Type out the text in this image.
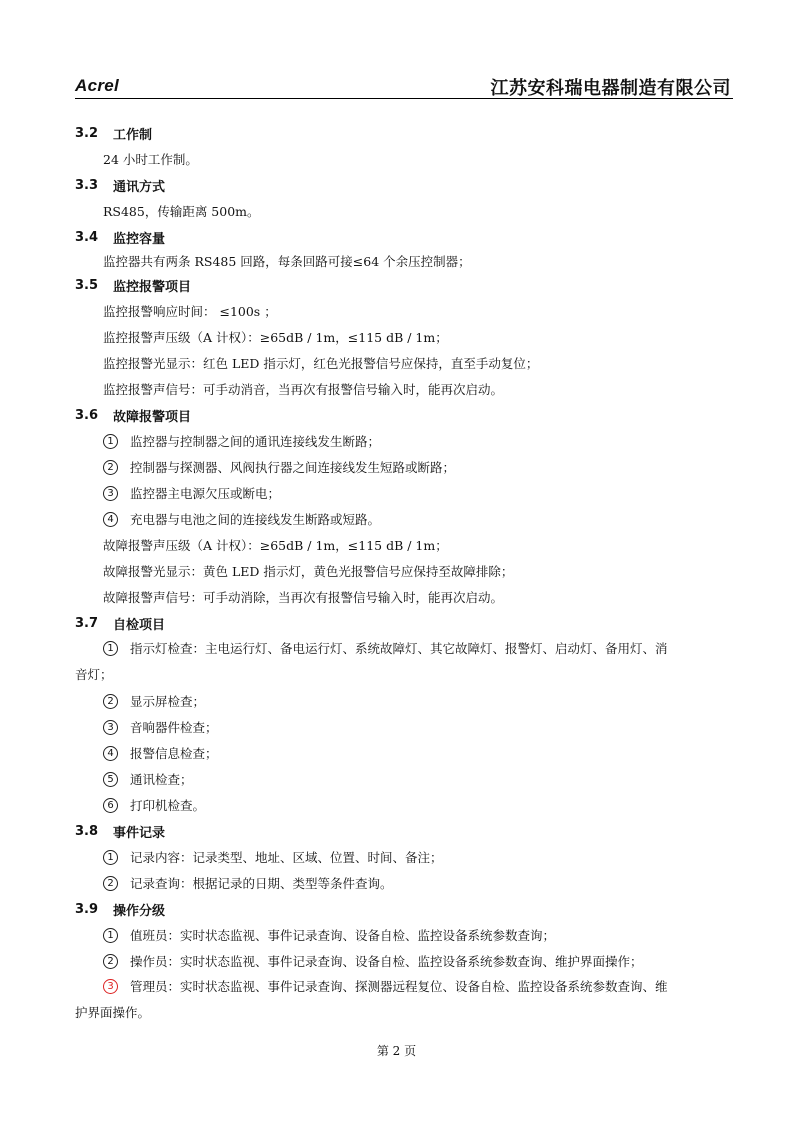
Acrel	江苏安科瑞电器制造有限公司
3.2	工作制
24 小时工作制。
3.3	通讯方式
RS485，传输距离 500m。
3.4	监控容量
监控器共有两条 RS485 回路，每条回路可接≤64 个余压控制器；
3.5	监控报警项目
监控报警响应时间： ≤100s ；
监控报警声压级（A 计权）：≥65dB / 1m，≤115 dB / 1m；
监控报警光显示：红色 LED 指示灯，红色光报警信号应保持，直至手动复位；
监控报警声信号：可手动消音，当再次有报警信号输入时，能再次启动。
3.6	故障报警项目
1	监控器与控制器之间的通讯连接线发生断路；
2	控制器与探测器、风阀执行器之间连接线发生短路或断路；
3	监控器主电源欠压或断电；
4	充电器与电池之间的连接线发生断路或短路。
故障报警声压级（A 计权）：≥65dB / 1m，≤115 dB / 1m；
故障报警光显示：黄色 LED 指示灯，黄色光报警信号应保持至故障排除；
故障报警声信号：可手动消除，当再次有报警信号输入时，能再次启动。
3.7	自检项目
1 指示灯检查：主电运行灯、备电运行灯、系统故障灯、其它故障灯、报警灯、启动灯、备用灯、消
音灯；
2	显示屏检查；
3	音响器件检查；
4	报警信息检查；
5	通讯检查；
6	打印机检查。
3.8	事件记录
1	记录内容：记录类型、地址、区域、位置、时间、备注；
2	记录查询：根据记录的日期、类型等条件查询。
3.9	操作分级
1	值班员：实时状态监视、事件记录查询、设备自检、监控设备系统参数查询；
2	操作员：实时状态监视、事件记录查询、设备自检、监控设备系统参数查询、维护界面操作；
3 管理员：实时状态监视、事件记录查询、探测器远程复位、设备自检、监控设备系统参数查询、维
护界面操作。
第 2 页
